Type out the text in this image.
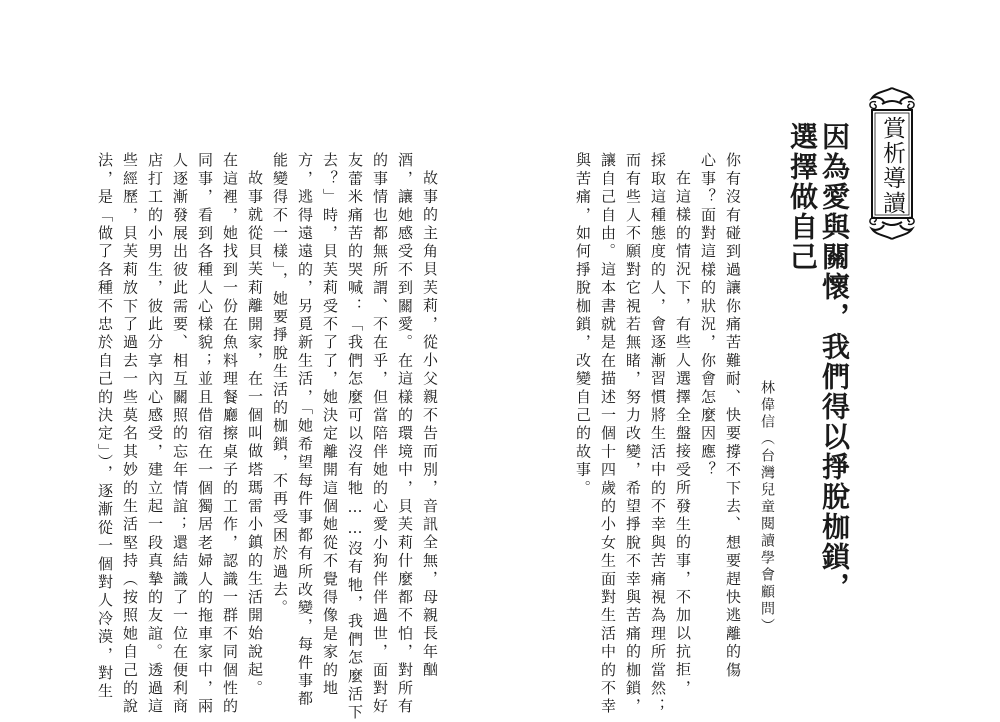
賞析導讀
因為愛與關懷，我們得以掙脫枷鎖，
選擇做自己
林偉信（台灣兒童閱讀學會顧問）
你有沒有碰到過讓你痛苦難耐、快要撐不下去、想要趕快逃離的傷
心事？面對這樣的狀況，你會怎麼因應？
在這樣的情況下，有些人選擇全盤接受所發生的事，不加以抗拒，
採取這種態度的人，會逐漸習慣將生活中的不幸與苦痛視為理所當然；
而有些人不願對它視若無睹，努力改變，希望掙脫不幸與苦痛的枷鎖，
讓自己自由。這本書就是在描述一個十四歲的小女生面對生活中的不幸
與苦痛，如何掙脫枷鎖，改變自己的故事。
故事的主角貝芙莉，從小父親不告而別，音訊全無，母親長年酗
酒，讓她感受不到關愛。在這樣的環境中，貝芙莉什麼都不怕，對所有
的事情也都無所謂、不在乎，但當陪伴她的心愛小狗伴伴過世，面對好
友蕾米痛苦的哭喊：「我們怎麼可以沒有牠……沒有牠，我們怎麼活下
去？」時，貝芙莉受不了了，她決定離開這個她從不覺得像是家的地
方，逃得遠遠的，另覓新生活，「她希望每件事都有所改變，每件事都
能變得不一樣」，她要掙脫生活的枷鎖，不再受困於過去。
故事就從貝芙莉離開家，在一個叫做塔瑪雷小鎮的生活開始說起。
在這裡，她找到一份在魚料理餐廳擦桌子的工作，認識一群不同個性的
同事，看到各種人心樣貌；並且借宿在一個獨居老婦人的拖車家中，兩
人逐漸發展出彼此需要、相互關照的忘年情誼；還結識了一位在便利商
店打工的小男生，彼此分享內心感受，建立起一段真摯的友誼。透過這
些經歷，貝芙莉放下了過去一些莫名其妙的生活堅持（按照她自己的說
法，是「做了各種不忠於自己的決定」），逐漸從一個對人冷漠，對生
